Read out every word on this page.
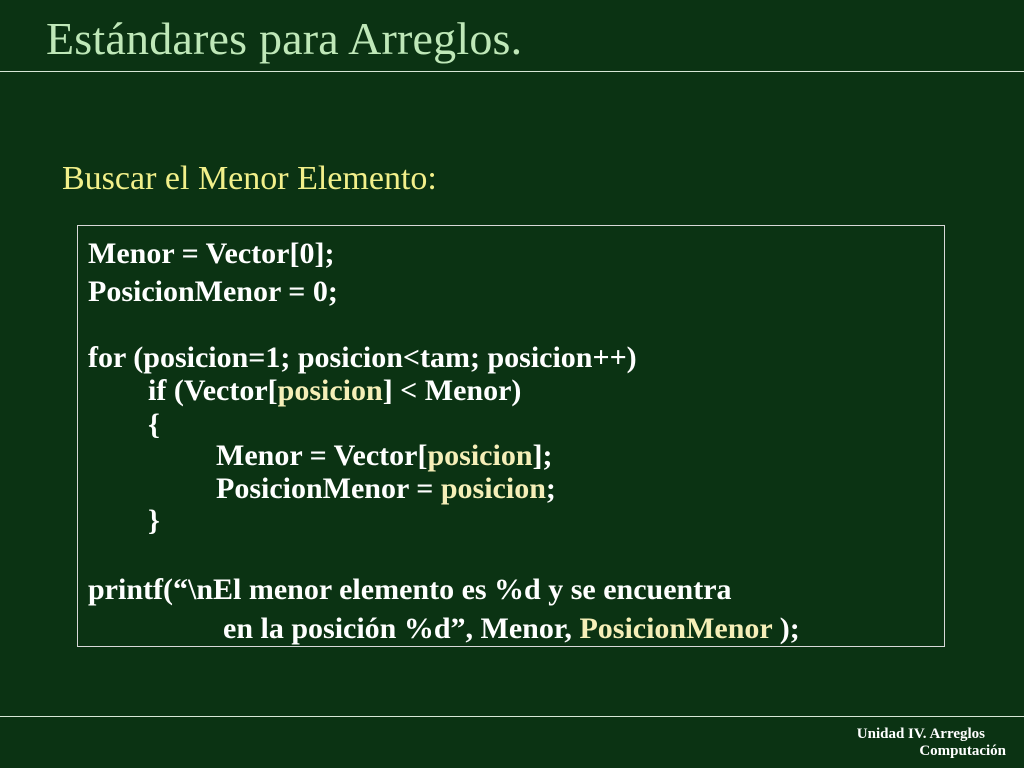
Estándares para Arreglos.
Buscar el Menor Elemento:
Menor = Vector[0];
PosicionMenor = 0;
for (posicion=1; posicion<tam; posicion++)
if (Vector[posicion] < Menor)
{
Menor = Vector[posicion];
PosicionMenor = posicion;
}
printf(“\nEl menor elemento es %d y se encuentra
en la posición %d”, Menor, PosicionMenor );
Unidad IV. Arreglos
Computación
